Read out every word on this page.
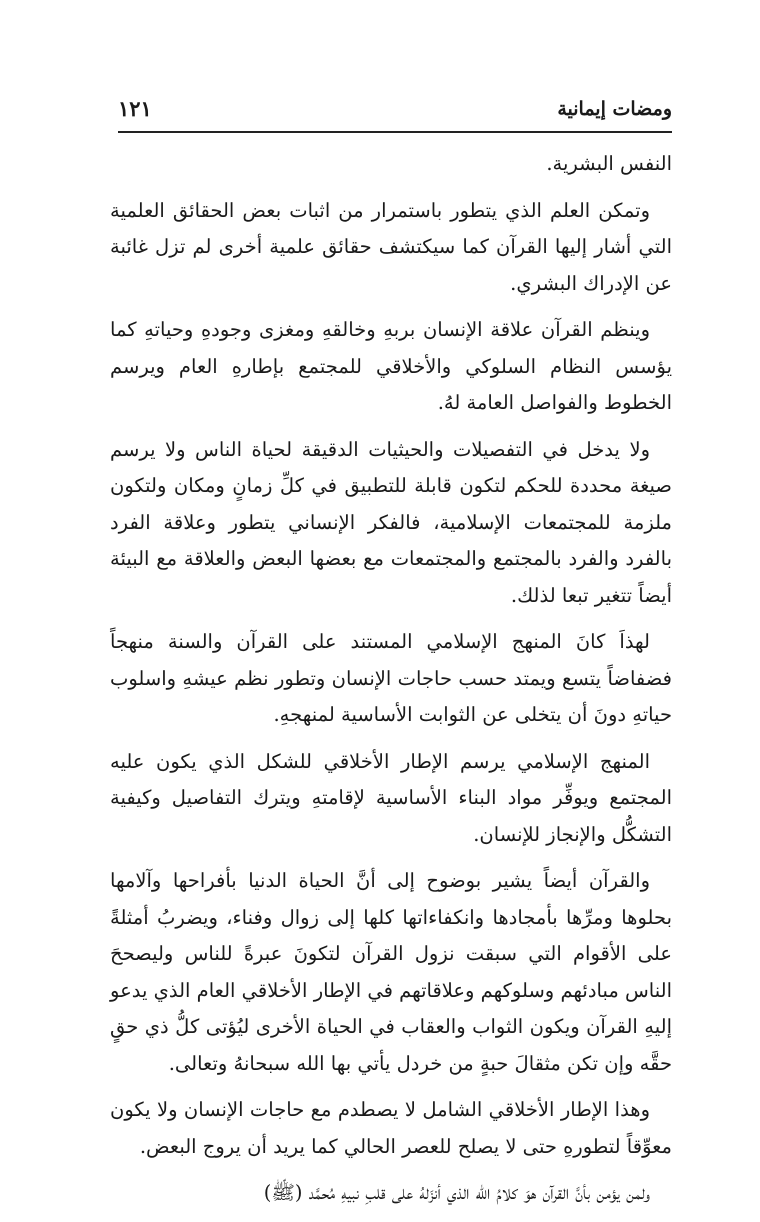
ومضات إيمانية
١٢١

النفس البشرية.

وتمكن العلم الذي يتطور باستمرار من اثبات بعض الحقائق العلمية التي أشار إليها القرآن كما سيكتشف حقائق علمية أخرى لم تزل غائبة عن الإدراك البشري.

وينظم القرآن علاقة الإنسان بربهِ وخالقهِ ومغزى وجودهِ وحياتهِ كما يؤسس النظام السلوكي والأخلاقي للمجتمع بإطارهِ العام ويرسم الخطوط والفواصل العامة لهُ.

ولا يدخل في التفصيلات والحيثيات الدقيقة لحياة الناس ولا يرسم صيغة محددة للحكم لتكون قابلة للتطبيق في كلِّ زمانٍ ومكان ولتكون ملزمة للمجتمعات الإسلامية، فالفكر الإنساني يتطور وعلاقة الفرد بالفرد والفرد بالمجتمع والمجتمعات مع بعضها البعض والعلاقة مع البيئة أيضاً تتغير تبعا لذلك.

لهذاَ كانَ المنهج الإسلامي المستند على القرآن والسنة منهجاً فضفاضاً يتسع ويمتد حسب حاجات الإنسان وتطور نظم عيشهِ واسلوب حياتهِ دونَ أن يتخلى عن الثوابت الأساسية لمنهجهِ.

المنهج الإسلامي يرسم الإطار الأخلاقي للشكل الذي يكون عليه المجتمع ويوفِّر مواد البناء الأساسية لإقامتهِ ويترك التفاصيل وكيفية التشكُّل والإنجاز للإنسان.

والقرآن أيضاً يشير بوضوح إلى أنَّ الحياة الدنيا بأفراحها وآلامها بحلوها ومرِّها بأمجادها وانكفاءاتها كلها إلى زوال وفناء، ويضربُ أمثلةً على الأقوام التي سبقت نزول القرآن لتكونَ عبرةً للناس وليصححَ الناس مبادئهم وسلوكهم وعلاقاتهم في الإطار الأخلاقي العام الذي يدعو إليهِ القرآن ويكون الثواب والعقاب في الحياة الأخرى ليُؤتى كلُّ ذي حقٍ حقَّه وإن تكن مثقالَ حبةٍ من خردل يأتي بها الله سبحانهُ وتعالى.

وهذا الإطار الأخلاقي الشامل لا يصطدم مع حاجات الإنسان ولا يكون معوِّقاً لتطورهِ حتى لا يصلح للعصر الحالي كما يريد أن يروج البعض.

ولمن يؤمن بأنَّ القرآن هوَ كلامُ الله الذي أنزَلهُ على قلبِ نبيهِ مُحمَّد (ﷺ)
